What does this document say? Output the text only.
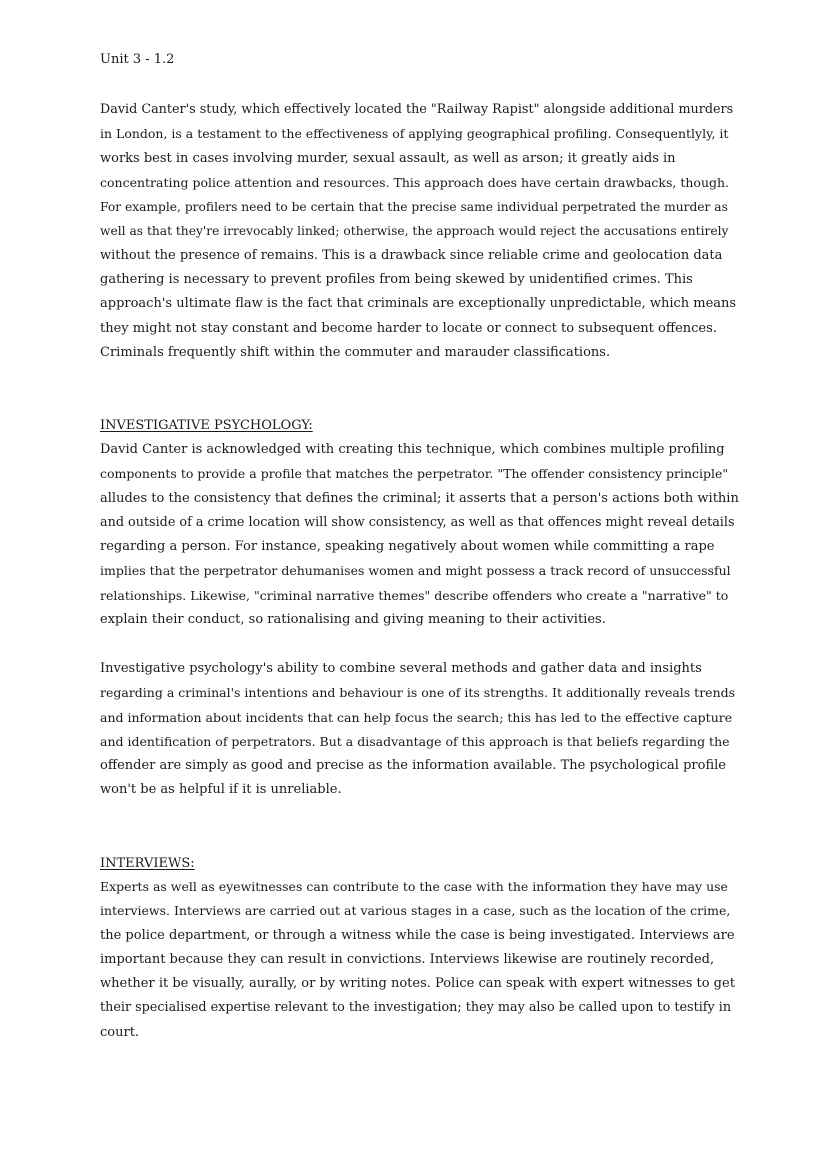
Unit 3 - 1.2

David Canter's study, which effectively located the "Railway Rapist" alongside additional murders
in London, is a testament to the effectiveness of applying geographical profiling. Consequentlyly, it
works best in cases involving murder, sexual assault, as well as arson; it greatly aids in
concentrating police attention and resources. This approach does have certain drawbacks, though.
For example, profilers need to be certain that the precise same individual perpetrated the murder as
well as that they're irrevocably linked; otherwise, the approach would reject the accusations entirely
without the presence of remains. This is a drawback since reliable crime and geolocation data
gathering is necessary to prevent profiles from being skewed by unidentified crimes. This
approach's ultimate flaw is the fact that criminals are exceptionally unpredictable, which means
they might not stay constant and become harder to locate or connect to subsequent offences.
Criminals frequently shift within the commuter and marauder classifications.

INVESTIGATIVE PSYCHOLOGY:

David Canter is acknowledged with creating this technique, which combines multiple profiling
components to provide a profile that matches the perpetrator. "The offender consistency principle"
alludes to the consistency that defines the criminal; it asserts that a person's actions both within
and outside of a crime location will show consistency, as well as that offences might reveal details
regarding a person. For instance, speaking negatively about women while committing a rape
implies that the perpetrator dehumanises women and might possess a track record of unsuccessful
relationships. Likewise, "criminal narrative themes" describe offenders who create a "narrative" to
explain their conduct, so rationalising and giving meaning to their activities.

Investigative psychology's ability to combine several methods and gather data and insights
regarding a criminal's intentions and behaviour is one of its strengths. It additionally reveals trends
and information about incidents that can help focus the search; this has led to the effective capture
and identification of perpetrators. But a disadvantage of this approach is that beliefs regarding the
offender are simply as good and precise as the information available. The psychological profile
won't be as helpful if it is unreliable.

INTERVIEWS:

Experts as well as eyewitnesses can contribute to the case with the information they have may use
interviews. Interviews are carried out at various stages in a case, such as the location of the crime,
the police department, or through a witness while the case is being investigated. Interviews are
important because they can result in convictions. Interviews likewise are routinely recorded,
whether it be visually, aurally, or by writing notes. Police can speak with expert witnesses to get
their specialised expertise relevant to the investigation; they may also be called upon to testify in
court.
